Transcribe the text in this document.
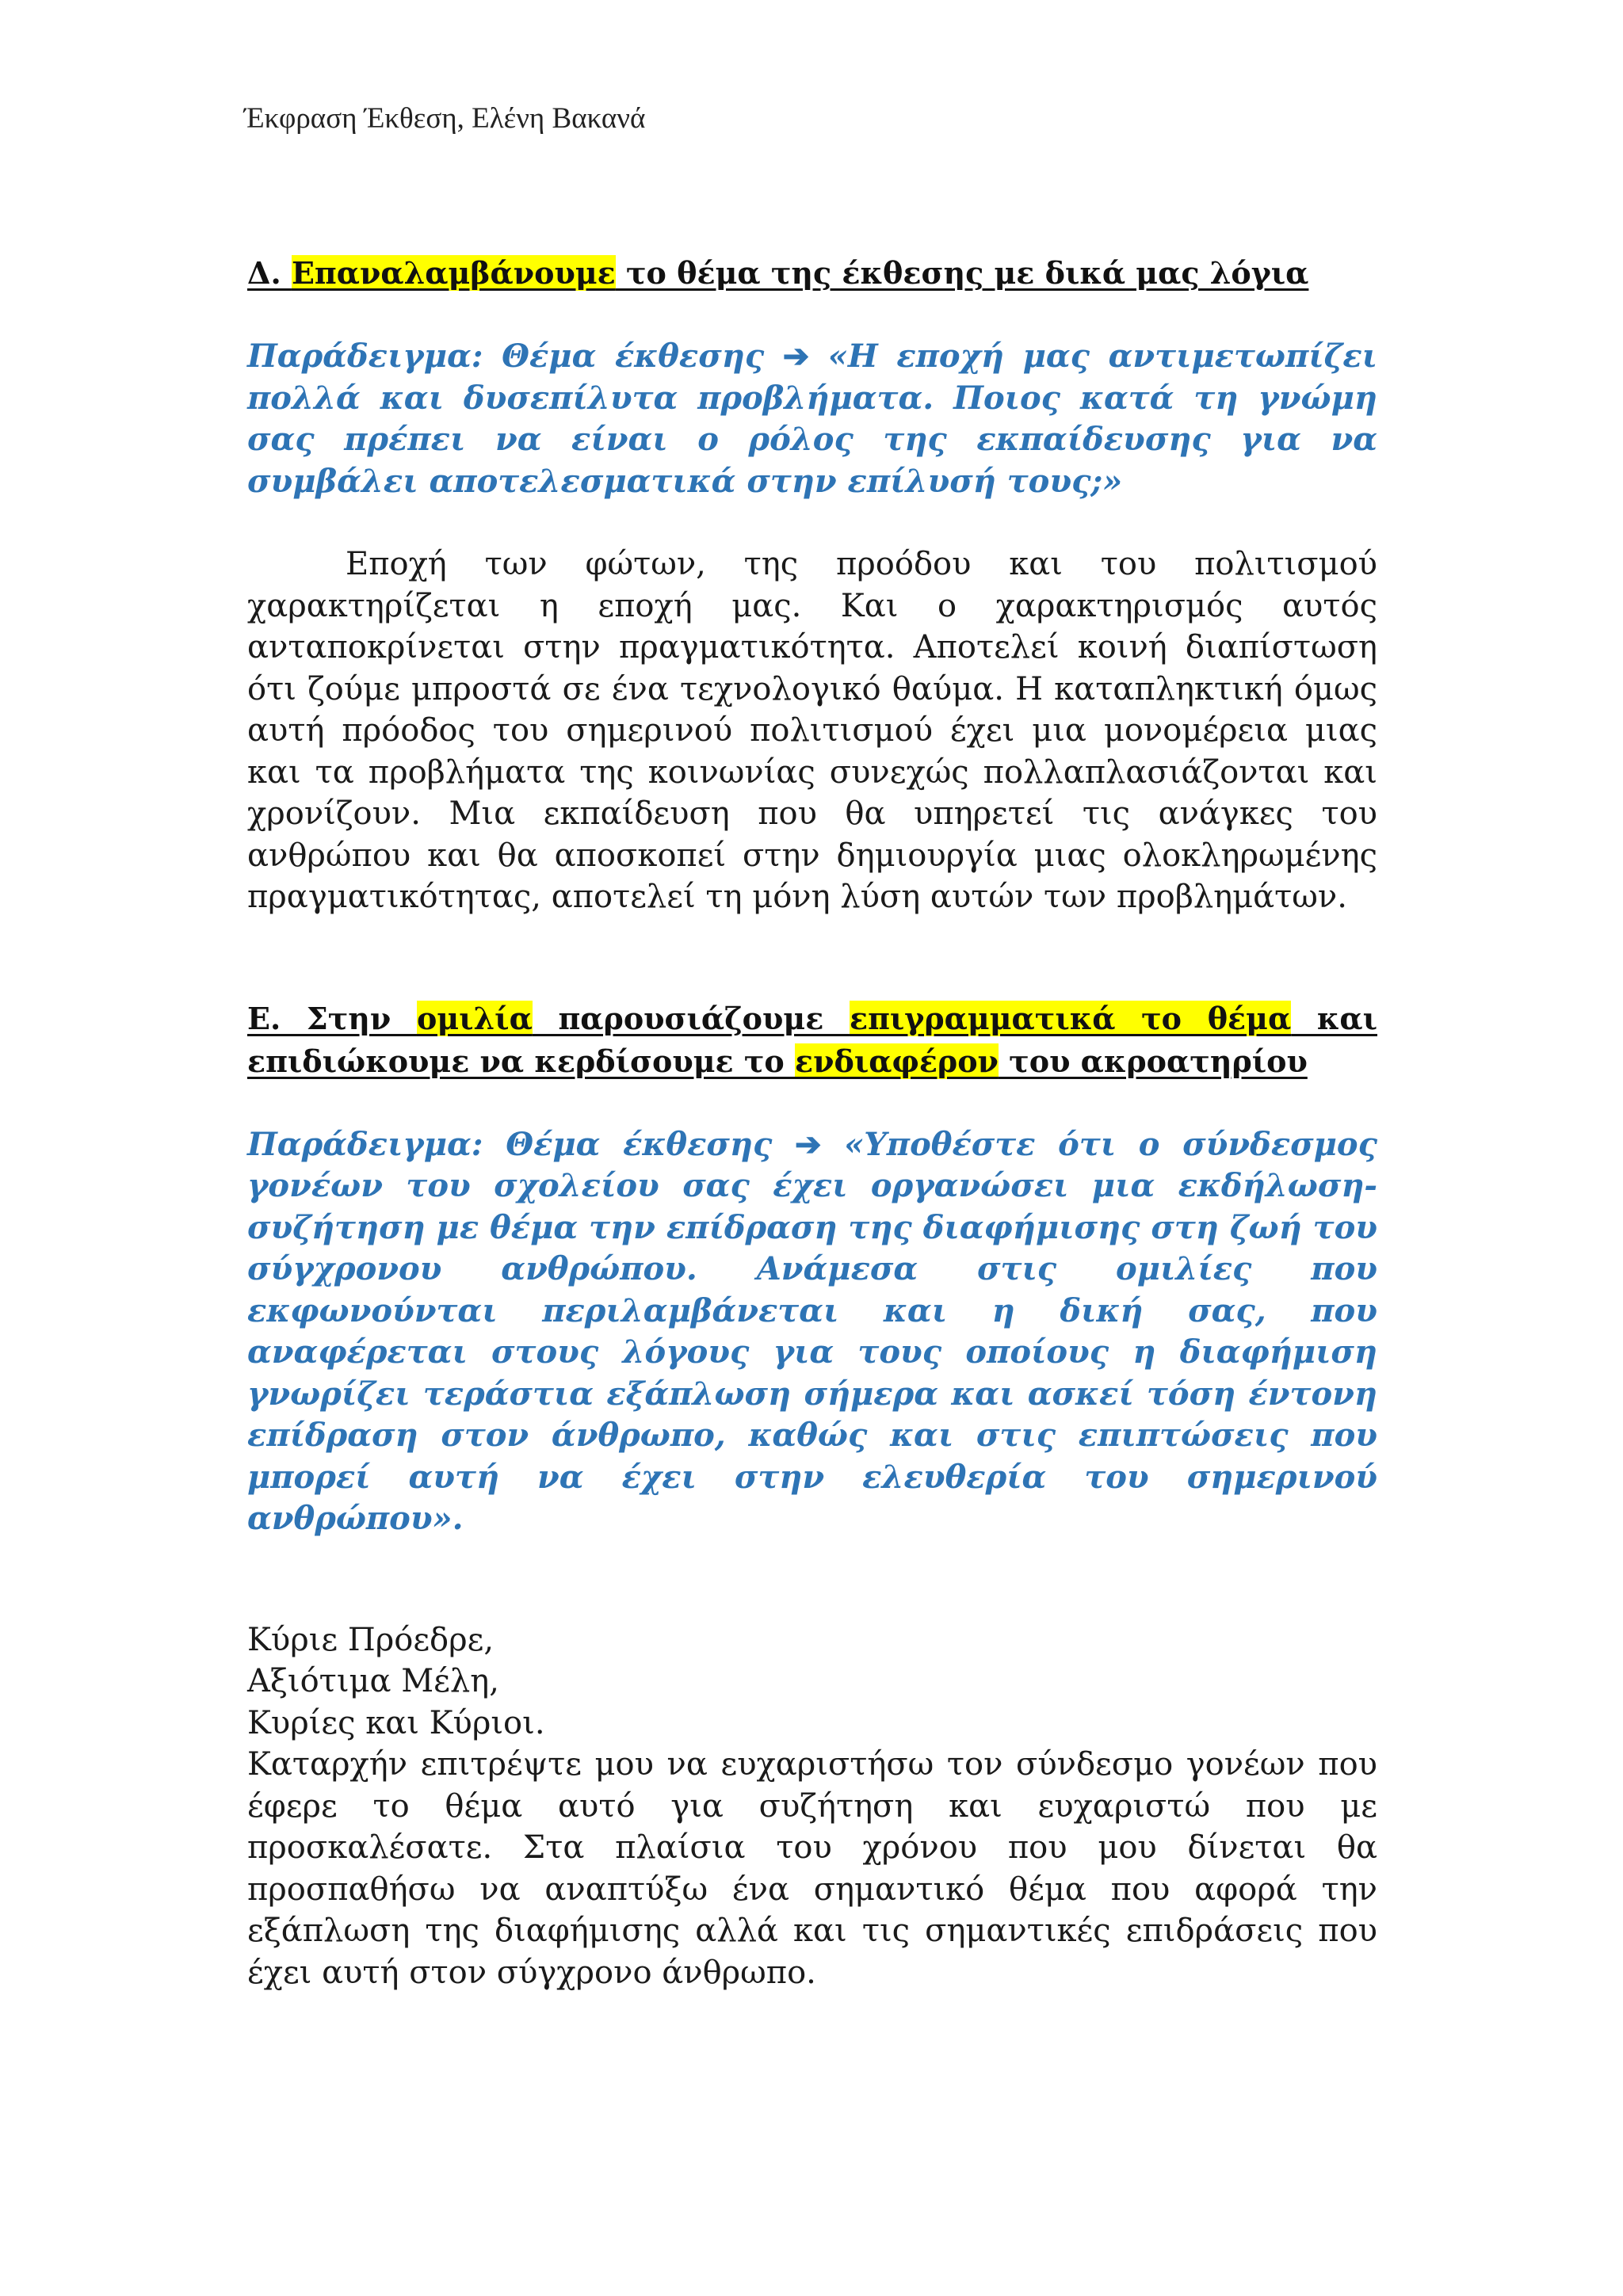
Έκφραση Έκθεση, Ελένη Βακανά

Δ. Επαναλαμβάνουμε το θέμα της έκθεσης με δικά μας λόγια

Παράδειγμα: Θέμα έκθεσης ➔ «Η εποχή μας αντιμετωπίζει πολλά και δυσεπίλυτα προβλήματα. Ποιος κατά τη γνώμη σας πρέπει να είναι ο ρόλος της εκπαίδευσης για να συμβάλει αποτελεσματικά στην επίλυσή τους;»

Εποχή των φώτων, της προόδου και του πολιτισμού χαρακτηρίζεται η εποχή μας. Και ο χαρακτηρισμός αυτός ανταποκρίνεται στην πραγματικότητα. Αποτελεί κοινή διαπίστωση ότι ζούμε μπροστά σε ένα τεχνολογικό θαύμα. Η καταπληκτική όμως αυτή πρόοδος του σημερινού πολιτισμού έχει μια μονομέρεια μιας και τα προβλήματα της κοινωνίας συνεχώς πολλαπλασιάζονται και χρονίζουν. Μια εκπαίδευση που θα υπηρετεί τις ανάγκες του ανθρώπου και θα αποσκοπεί στην δημιουργία μιας ολοκληρωμένης πραγματικότητας, αποτελεί τη μόνη λύση αυτών των προβλημάτων.

Ε. Στην ομιλία παρουσιάζουμε επιγραμματικά το θέμα και επιδιώκουμε να κερδίσουμε το ενδιαφέρον του ακροατηρίου

Παράδειγμα: Θέμα έκθεσης ➔ «Υποθέστε ότι ο σύνδεσμος γονέων του σχολείου σας έχει οργανώσει μια εκδήλωση-συζήτηση με θέμα την επίδραση της διαφήμισης στη ζωή του σύγχρονου ανθρώπου. Ανάμεσα στις ομιλίες που εκφωνούνται περιλαμβάνεται και η δική σας, που αναφέρεται στους λόγους για τους οποίους η διαφήμιση γνωρίζει τεράστια εξάπλωση σήμερα και ασκεί τόση έντονη επίδραση στον άνθρωπο, καθώς και στις επιπτώσεις που μπορεί αυτή να έχει στην ελευθερία του σημερινού ανθρώπου».

Κύριε Πρόεδρε,
Αξιότιμα Μέλη,
Κυρίες και Κύριοι.

Καταρχήν επιτρέψτε μου να ευχαριστήσω τον σύνδεσμο γονέων που έφερε το θέμα αυτό για συζήτηση και ευχαριστώ που με προσκαλέσατε. Στα πλαίσια του χρόνου που μου δίνεται θα προσπαθήσω να αναπτύξω ένα σημαντικό θέμα που αφορά την εξάπλωση της διαφήμισης αλλά και τις σημαντικές επιδράσεις που έχει αυτή στον σύγχρονο άνθρωπο.
